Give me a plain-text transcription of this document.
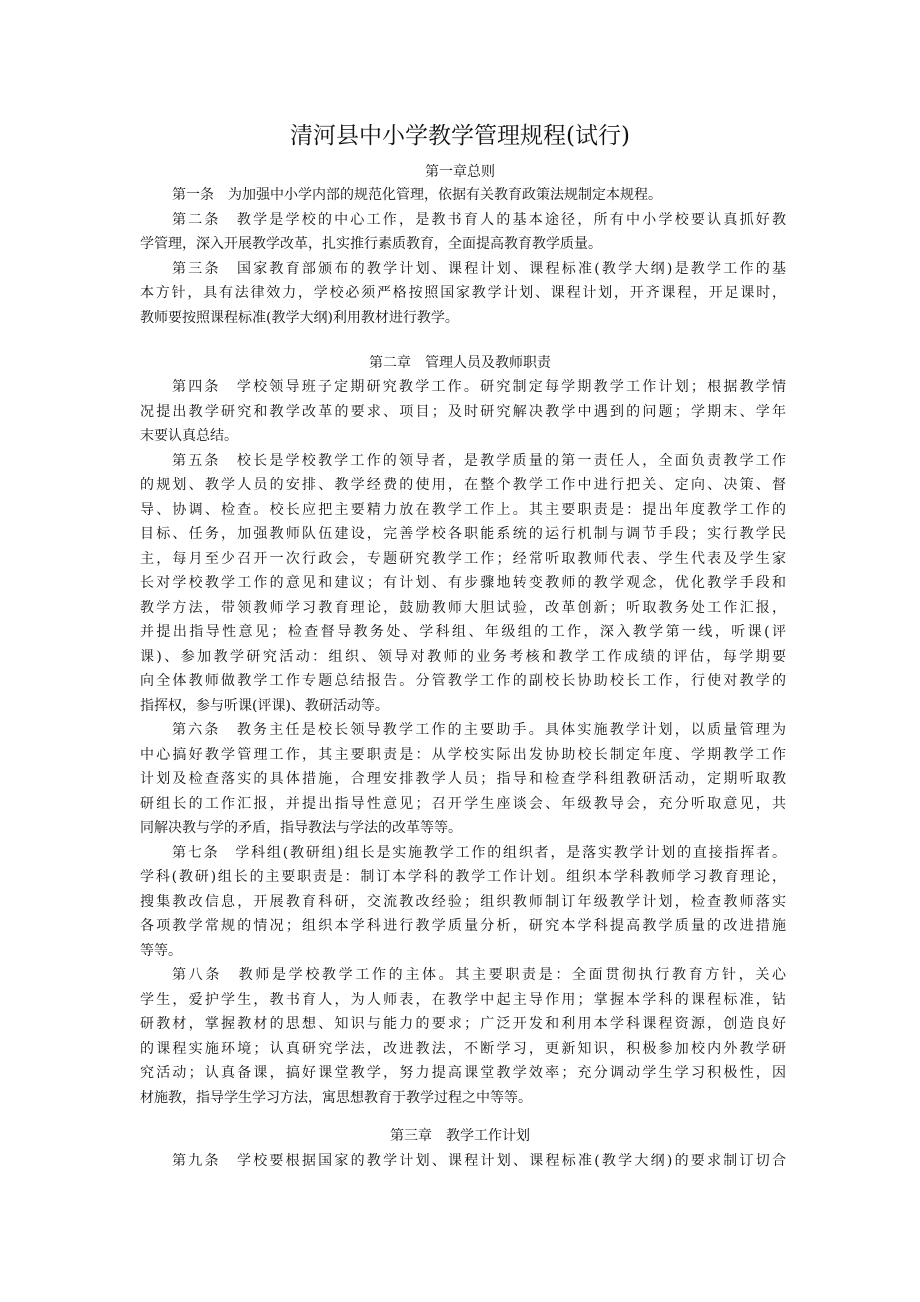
清河县中小学教学管理规程(试行)
第一章总则
第一条　为加强中小学内部的规范化管理，依据有关教育政策法规制定本规程。
第二条　教学是学校的中心工作，是教书育人的基本途径，所有中小学校要认真抓好教
学管理，深入开展教学改革，扎实推行素质教育，全面提高教育教学质量。
第三条　国家教育部颁布的教学计划、课程计划、课程标准(教学大纲)是教学工作的基
本方针，具有法律效力，学校必须严格按照国家教学计划、课程计划，开齐课程，开足课时，
教师要按照课程标准(教学大纲)利用教材进行教学。
第二章　管理人员及教师职责
第四条　学校领导班子定期研究教学工作。研究制定每学期教学工作计划；根据教学情
况提出教学研究和教学改革的要求、项目；及时研究解决教学中遇到的问题；学期末、学年
末要认真总结。
第五条　校长是学校教学工作的领导者，是教学质量的第一责任人，全面负责教学工作
的规划、教学人员的安排、教学经费的使用，在整个教学工作中进行把关、定向、决策、督
导、协调、检查。校长应把主要精力放在教学工作上。其主要职责是：提出年度教学工作的
目标、任务，加强教师队伍建设，完善学校各职能系统的运行机制与调节手段；实行教学民
主，每月至少召开一次行政会，专题研究教学工作；经常听取教师代表、学生代表及学生家
长对学校教学工作的意见和建议；有计划、有步骤地转变教师的教学观念，优化教学手段和
教学方法，带领教师学习教育理论，鼓励教师大胆试验，改革创新；听取教务处工作汇报，
并提出指导性意见；检查督导教务处、学科组、年级组的工作，深入教学第一线，听课(评
课)、参加教学研究活动：组织、领导对教师的业务考核和教学工作成绩的评估，每学期要
向全体教师做教学工作专题总结报告。分管教学工作的副校长协助校长工作，行使对教学的
指挥权，参与听课(评课)、教研活动等。
第六条　教务主任是校长领导教学工作的主要助手。具体实施教学计划，以质量管理为
中心搞好教学管理工作，其主要职责是：从学校实际出发协助校长制定年度、学期教学工作
计划及检查落实的具体措施，合理安排教学人员；指导和检查学科组教研活动，定期听取教
研组长的工作汇报，并提出指导性意见；召开学生座谈会、年级教导会，充分听取意见，共
同解决教与学的矛盾，指导教法与学法的改革等等。
第七条　学科组(教研组)组长是实施教学工作的组织者，是落实教学计划的直接指挥者。
学科(教研)组长的主要职责是：制订本学科的教学工作计划。组织本学科教师学习教育理论，
搜集教改信息，开展教育科研，交流教改经验；组织教师制订年级教学计划，检查教师落实
各项教学常规的情况；组织本学科进行教学质量分析，研究本学科提高教学质量的改进措施
等等。
第八条　教师是学校教学工作的主体。其主要职责是：全面贯彻执行教育方针，关心
学生，爱护学生，教书育人，为人师表，在教学中起主导作用；掌握本学科的课程标准，钻
研教材，掌握教材的思想、知识与能力的要求；广泛开发和利用本学科课程资源，创造良好
的课程实施环境；认真研究学法，改进教法，不断学习，更新知识，积极参加校内外教学研
究活动；认真备课，搞好课堂教学，努力提高课堂教学效率；充分调动学生学习积极性，因
材施教，指导学生学习方法，寓思想教育于教学过程之中等等。
第三章　教学工作计划
第九条　学校要根据国家的教学计划、课程计划、课程标准(教学大纲)的要求制订切合
